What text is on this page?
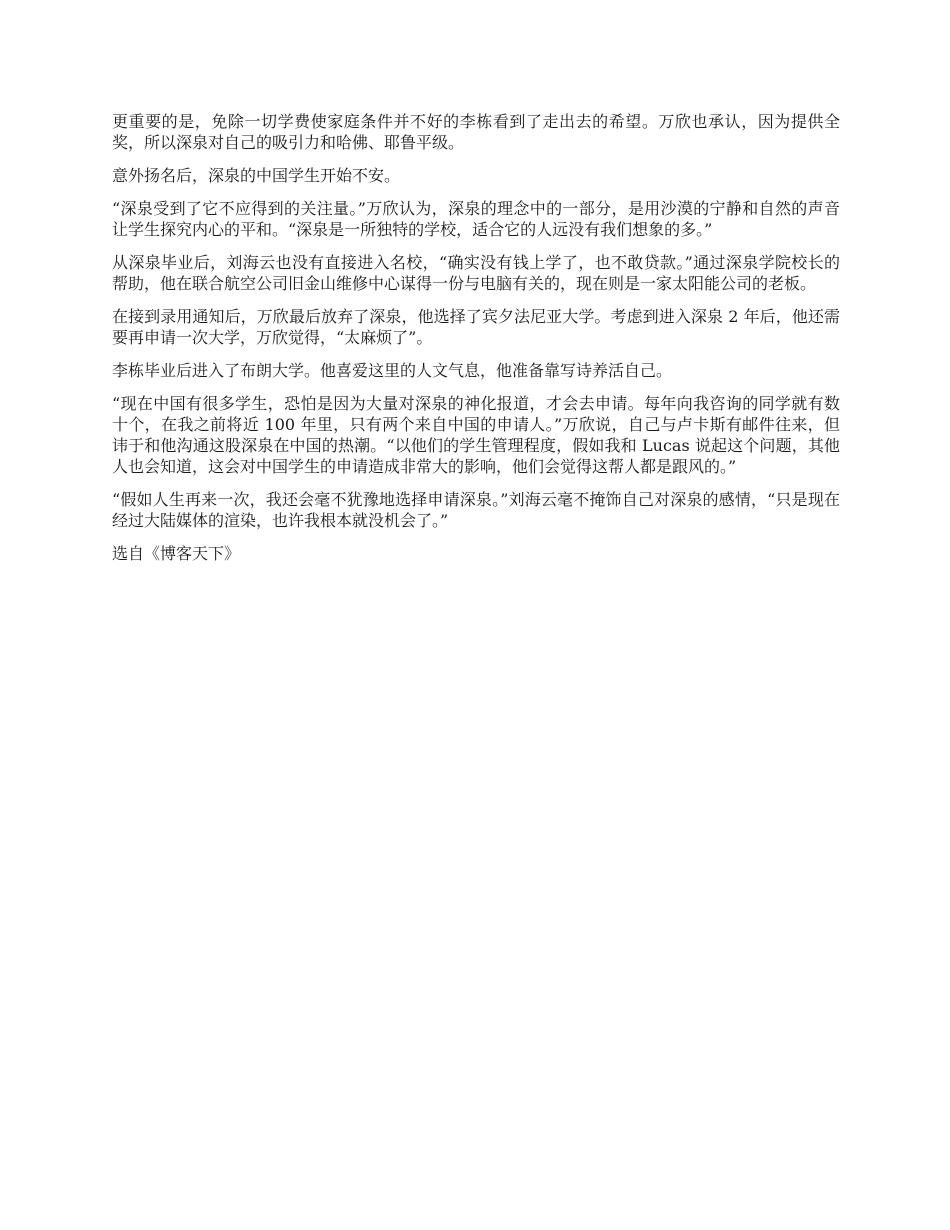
更重要的是，免除一切学费使家庭条件并不好的李栋看到了走出去的希望。万欣也承认，因为提供全奖，所以深泉对自己的吸引力和哈佛、耶鲁平级。

意外扬名后，深泉的中国学生开始不安。

“深泉受到了它不应得到的关注量。”万欣认为，深泉的理念中的一部分，是用沙漠的宁静和自然的声音让学生探究内心的平和。“深泉是一所独特的学校，适合它的人远没有我们想象的多。”

从深泉毕业后，刘海云也没有直接进入名校，“确实没有钱上学了，也不敢贷款。”通过深泉学院校长的帮助，他在联合航空公司旧金山维修中心谋得一份与电脑有关的，现在则是一家太阳能公司的老板。

在接到录用通知后，万欣最后放弃了深泉，他选择了宾夕法尼亚大学。考虑到进入深泉 2 年后，他还需要再申请一次大学，万欣觉得，“太麻烦了”。

李栋毕业后进入了布朗大学。他喜爱这里的人文气息，他准备靠写诗养活自己。

“现在中国有很多学生，恐怕是因为大量对深泉的神化报道，才会去申请。每年向我咨询的同学就有数十个，在我之前将近 100 年里，只有两个来自中国的申请人。”万欣说，自己与卢卡斯有邮件往来，但讳于和他沟通这股深泉在中国的热潮。“以他们的学生管理程度，假如我和 Lucas 说起这个问题，其他人也会知道，这会对中国学生的申请造成非常大的影响，他们会觉得这帮人都是跟风的。”

“假如人生再来一次，我还会毫不犹豫地选择申请深泉。”刘海云毫不掩饰自己对深泉的感情，“只是现在经过大陆媒体的渲染，也许我根本就没机会了。”

选自《博客天下》
